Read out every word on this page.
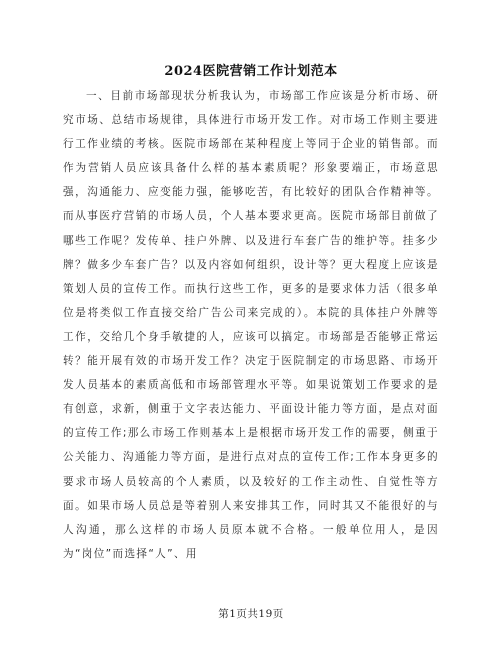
2024医院营销工作计划范本

一、目前市场部现状分析我认为，市场部工作应该是分析市场、研究市场、总结市场规律，具体进行市场开发工作。对市场工作则主要进行工作业绩的考核。医院市场部在某种程度上等同于企业的销售部。而作为营销人员应该具备什么样的基本素质呢？形象要端正，市场意思强，沟通能力、应变能力强，能够吃苦，有比较好的团队合作精神等。而从事医疗营销的市场人员，个人基本要求更高。医院市场部目前做了哪些工作呢？发传单、挂户外牌、以及进行车套广告的维护等。挂多少牌？做多少车套广告？以及内容如何组织，设计等？更大程度上应该是策划人员的宣传工作。而执行这些工作，更多的是要求体力活（很多单位是将类似工作直接交给广告公司来完成的）。本院的具体挂户外牌等工作，交给几个身手敏捷的人，应该可以搞定。市场部是否能够正常运转？能开展有效的市场开发工作？决定于医院制定的市场思路、市场开发人员基本的素质高低和市场部管理水平等。如果说策划工作要求的是有创意，求新，侧重于文字表达能力、平面设计能力等方面，是点对面的宣传工作;那么市场工作则基本上是根据市场开发工作的需要，侧重于公关能力、沟通能力等方面，是进行点对点的宣传工作;工作本身更多的要求市场人员较高的个人素质，以及较好的工作主动性、自觉性等方面。如果市场人员总是等着别人来安排其工作，同时其又不能很好的与人沟通，那么这样的市场人员原本就不合格。一般单位用人，是因为“岗位”而选择“人”、用

第1页共19页
